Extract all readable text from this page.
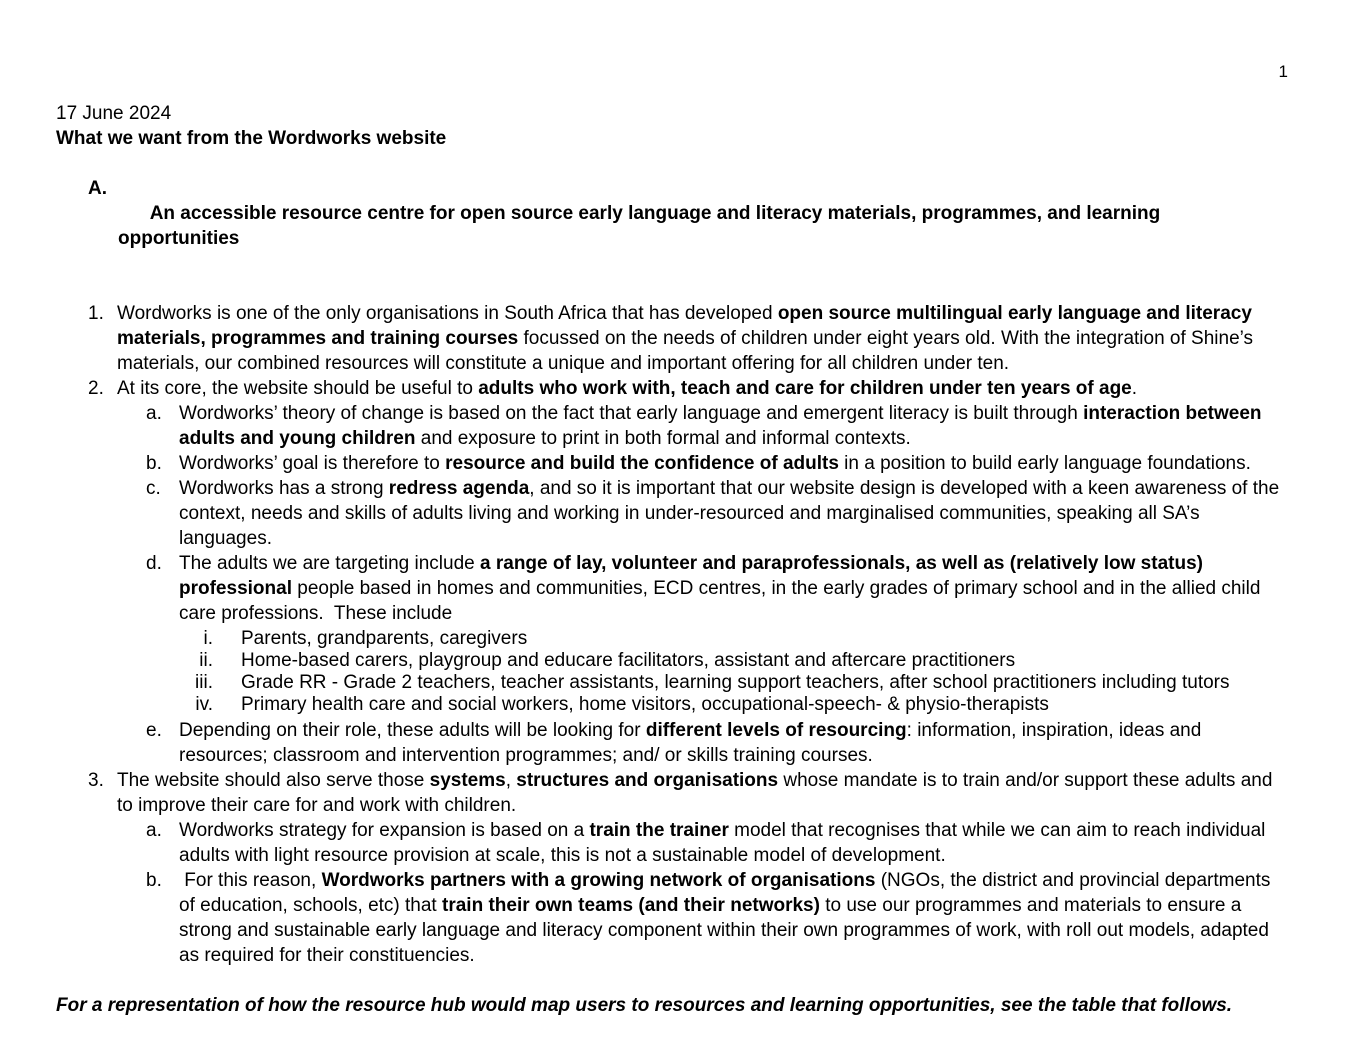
1
17 June 2024
What we want from the Wordworks website

A.
An accessible resource centre for open source early language and literacy materials, programmes, and learning opportunities

1. Wordworks is one of the only organisations in South Africa that has developed open source multilingual early language and literacy materials, programmes and training courses focussed on the needs of children under eight years old. With the integration of Shine’s materials, our combined resources will constitute a unique and important offering for all children under ten.
2. At its core, the website should be useful to adults who work with, teach and care for children under ten years of age.
a. Wordworks’ theory of change is based on the fact that early language and emergent literacy is built through interaction between adults and young children and exposure to print in both formal and informal contexts.
b. Wordworks’ goal is therefore to resource and build the confidence of adults in a position to build early language foundations.
c. Wordworks has a strong redress agenda, and so it is important that our website design is developed with a keen awareness of the context, needs and skills of adults living and working in under-resourced and marginalised communities, speaking all SA’s languages.
d. The adults we are targeting include a range of lay, volunteer and paraprofessionals, as well as (relatively low status) professional people based in homes and communities, ECD centres, in the early grades of primary school and in the allied child care professions.  These include
i. Parents, grandparents, caregivers
ii. Home-based carers, playgroup and educare facilitators, assistant and aftercare practitioners
iii. Grade RR - Grade 2 teachers, teacher assistants, learning support teachers, after school practitioners including tutors
iv. Primary health care and social workers, home visitors, occupational-speech- & physio-therapists
e. Depending on their role, these adults will be looking for different levels of resourcing: information, inspiration, ideas and resources; classroom and intervention programmes; and/ or skills training courses.
3. The website should also serve those systems, structures and organisations whose mandate is to train and/or support these adults and to improve their care for and work with children.
a. Wordworks strategy for expansion is based on a train the trainer model that recognises that while we can aim to reach individual adults with light resource provision at scale, this is not a sustainable model of development.
b. For this reason, Wordworks partners with a growing network of organisations (NGOs, the district and provincial departments of education, schools, etc) that train their own teams (and their networks) to use our programmes and materials to ensure a strong and sustainable early language and literacy component within their own programmes of work, with roll out models, adapted as required for their constituencies.
For a representation of how the resource hub would map users to resources and learning opportunities, see the table that follows.
